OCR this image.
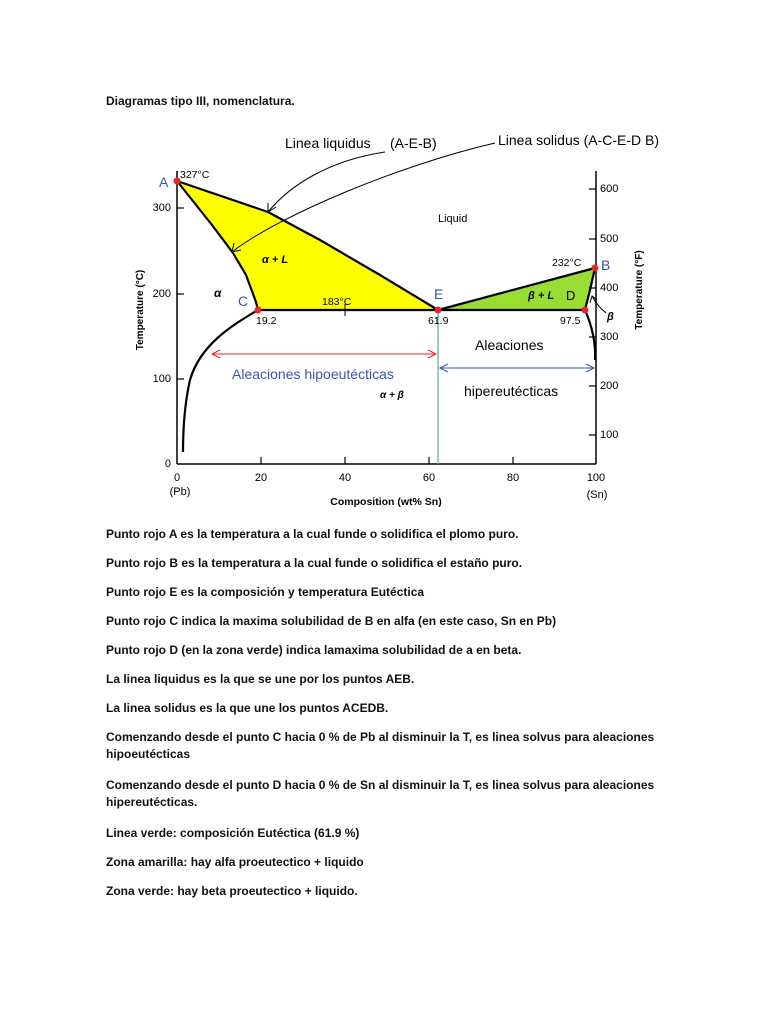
Diagramas tipo III, nomenclatura.
0
100
200
300
0	20	40	60	80	100
(Pb)	(Sn)
Composition (wt% Sn)
600
500
400
300
200
100
Temperature (°C)	Temperature (°F)
Linea liquidus (A-E-B)	Linea solidus (A-C-E-D B)
A
B
C	E	D
327°C
232°C
183°C
19.2	61.9	97.5
Liquid
α + L
β + L
α
β
α + β
Aleaciones hipoeutécticas
Aleaciones
hipereutécticas
Punto rojo A es la temperatura a la cual funde o solidifica el plomo puro.
Punto rojo B es la temperatura a la cual funde o solidifica el estaño puro.
Punto rojo E es la composición y temperatura Eutéctica
Punto rojo C indica la maxima solubilidad de B en alfa (en este caso, Sn en Pb)
Punto rojo D (en la zona verde) indica lamaxima solubilidad de a en beta.
La linea liquidus es la que se une por los puntos AEB.
La linea solidus es la que une los puntos ACEDB.
Comenzando desde el punto C hacia 0 % de Pb al disminuir la T, es linea solvus para aleaciones hipoeutécticas
Comenzando desde el punto D hacia 0 % de Sn al disminuir la T, es linea solvus para aleaciones hipereutécticas.
Linea verde: composición Eutéctica (61.9 %)
Zona amarilla: hay alfa proeutectico + liquido
Zona verde: hay beta proeutectico + liquido.
